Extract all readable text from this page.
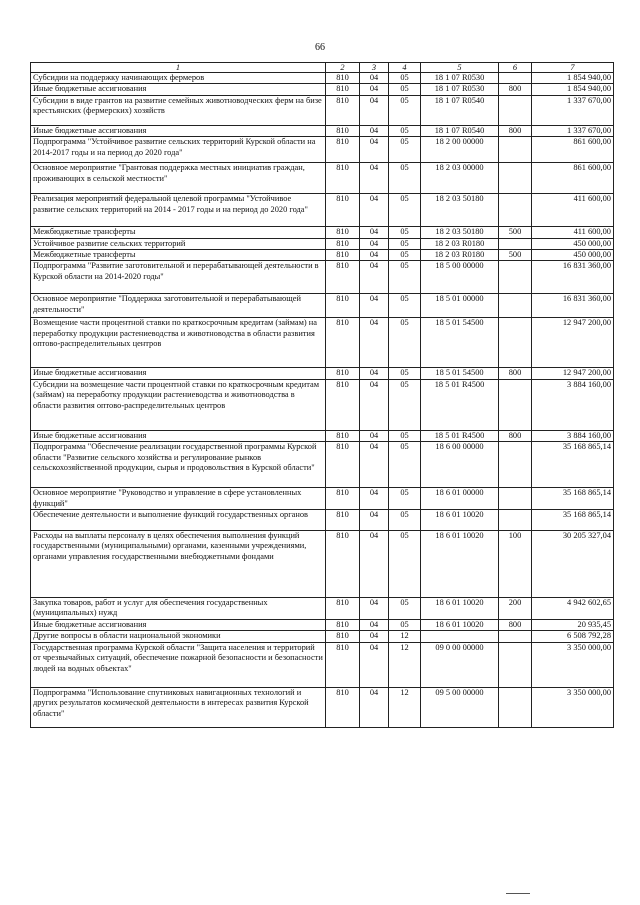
66
1	2	3	4	5	6	7
Субсидии на поддержку начинающих фермеров	810	04	05	18 1 07 R0530		1 854 940,00
Иные бюджетные ассигнования	810	04	05	18 1 07 R0530	800	1 854 940,00
Субсидии в виде грантов на развитие семейных животноводческих ферм на бизе крестьянских (фермерских) хозяйств	810	04	05	18 1 07 R0540		1 337 670,00
Иные бюджетные ассигнования	810	04	05	18 1 07 R0540	800	1 337 670,00
Подпрограмма "Устойчивое развитие сельских территорий Курской области на 2014-2017 годы и на период до 2020 года"	810	04	05	18 2 00 00000		861 600,00
Основное мероприятие "Грантовая поддержка местных инициатив граждан, проживающих в сельской местности"	810	04	05	18 2 03 00000		861 600,00
Реализация мероприятий федеральной целевой программы "Устойчивое развитие сельских территорий на 2014 - 2017 годы и на период до 2020 года"	810	04	05	18 2 03 50180		411 600,00
Межбюджетные трансферты	810	04	05	18 2 03 50180	500	411 600,00
Устойчивое развитие сельских территорий	810	04	05	18 2 03 R0180		450 000,00
Межбюджетные трансферты	810	04	05	18 2 03 R0180	500	450 000,00
Подпрограмма "Развитие заготовительной и перерабатывающей деятельности в Курской области на 2014-2020 годы"	810	04	05	18 5 00 00000		16 831 360,00
Основное мероприятие "Поддержка заготовительной и перерабатывающей деятельности"	810	04	05	18 5 01 00000		16 831 360,00
Возмещение части процентной ставки по краткосрочным кредитам (займам) на переработку продукции растениеводства и животноводства в области развития оптово-распределительных центров	810	04	05	18 5 01 54500		12 947 200,00
Иные бюджетные ассигнования	810	04	05	18 5 01 54500	800	12 947 200,00
Субсидии на возмещение части процентной ставки по краткосрочным кредитам (займам) на переработку продукции растениеводства и животноводства в области развития оптово-распределительных центров	810	04	05	18 5 01 R4500		3 884 160,00
Иные бюджетные ассигнования	810	04	05	18 5 01 R4500	800	3 884 160,00
Подпрограмма "Обеспечение реализации государственной программы Курской области "Развитие сельского хозяйства и регулирование рынков сельскохозяйственной продукции, сырья и продовольствия в Курской области"	810	04	05	18 6 00 00000		35 168 865,14
Основное мероприятие "Руководство и управление в сфере установленных функций"	810	04	05	18 6 01 00000		35 168 865,14
Обеспечение деятельности и выполнение функций государственных органов	810	04	05	18 6 01 10020		35 168 865,14
Расходы на выплаты персоналу в целях обеспечения выполнения функций государственными (муниципальными) органами, казенными учреждениями, органами управления государственными внебюджетными фондами	810	04	05	18 6 01 10020	100	30 205 327,04
Закупка товаров, работ и услуг для обеспечения государственных (муниципальных) нужд	810	04	05	18 6 01 10020	200	4 942 602,65
Иные бюджетные ассигнования	810	04	05	18 6 01 10020	800	20 935,45
Другие вопросы в области национальной экономики	810	04	12			6 508 792,28
Государственная программа Курской области "Защита населения и территорий от чрезвычайных ситуаций, обеспечение пожарной безопасности и безопасности людей на водных объектах"	810	04	12	09 0 00 00000		3 350 000,00
Подпрограмма "Использование спутниковых навигационных технологий и других результатов космической деятельности в интересах развития Курской области"	810	04	12	09 5 00 00000		3 350 000,00
